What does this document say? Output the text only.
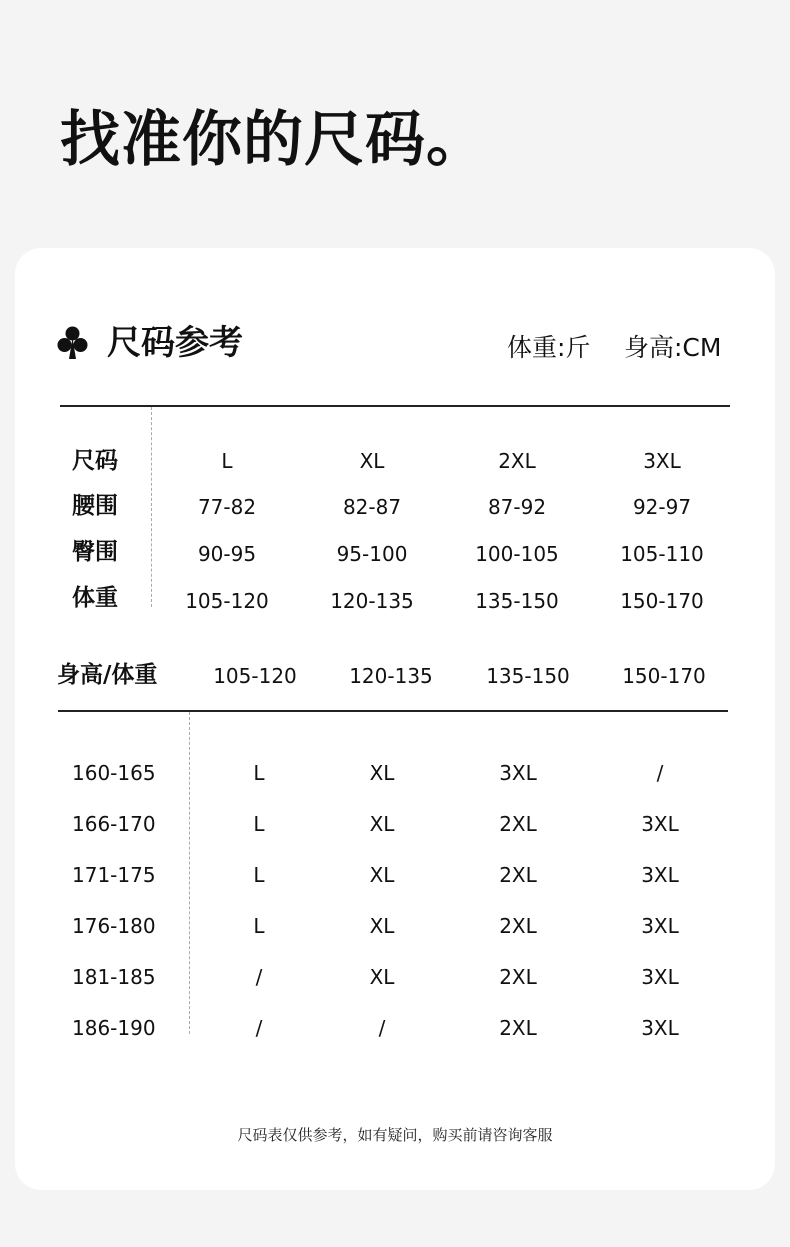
找准你的尺码。
尺码参考	体重:斤 身高:CM
尺码	L	XL	2XL	3XL
腰围	77-82	82-87	87-92	92-97
臀围	90-95	95-100	100-105	105-110
体重	105-120	120-135	135-150	150-170
身高/体重	105-120	120-135	135-150	150-170
160-165	L	XL	3XL	/
166-170	L	XL	2XL	3XL
171-175	L	XL	2XL	3XL
176-180	L	XL	2XL	3XL
181-185	/	XL	2XL	3XL
186-190	/	/	2XL	3XL
尺码表仅供参考，如有疑问，购买前请咨询客服
